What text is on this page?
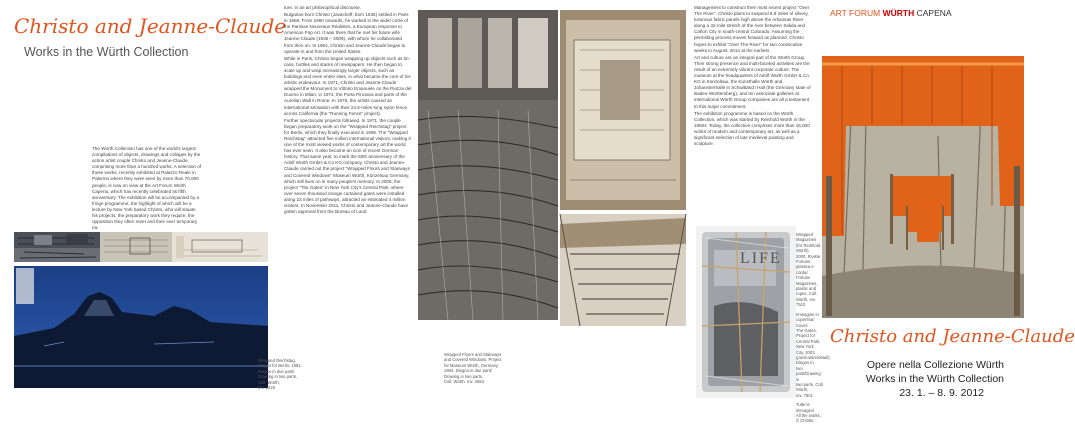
Christo and Jeanne-Claude
Works in the Würth Collection
The Würth Collection has one of the world's largest compilations of objects, drawings and collages by the action artist couple Christo and Jeanne-Claude, comprising more than a hundred works. A selection of these works, recently exhibited at Palazzo Reale in Palermo where they were seen by more than 70,000 people, is now on view at the Art Forum Würth Capena, which has recently celebrated its fifth anniversary. The exhibition will be accompanied by a fringe programme, the highlight of which will be a lecture by New York based Christo, who will situate his projects, the preparatory work they require, the opposition they often meet and their ever temporary na-

ture, in an art philosophical discourse.

Bulgarian-born Christo (Javacheff, born 1935) settled in Paris in 1958. From 1960 onwards, he worked in the wider circle of the Parisian Nouveaux Réalistes, a European response to American Pop Art. It was there that he met his future wife Jeanne-Claude (1935 – 2009), with whom he collaborated from then on. In 1964, Christo and Jeanne-Claude began to operate in and from the United States.

While in Paris, Christo began wrapping up objects such as tin-cans, bottles and stacks of newspapers. He then began to scale up and wrap increasingly larger objects, such as buildings and even entire sites, in what became the core of his artistic endeavour. In 1971, Christo and Jeanne-Claude wrapped the Monument to Vittorio Emanuele on the Piazza del Duomo in Milan; in 1974, the Porta Pinciana and parts of the Aurelian Wall in Rome. In 1976, the artists caused an international sensation with their 24.5-miles-long nylon fence across California (the "Running Fence" project).

Further spectacular projects followed. In 1971, the couple began preparatory work on the "Wrapped Reichstag" project for Berlin, which they finally executed in 1995. The "Wrapped Reichstag" attracted five million international visitors, making it one of the most viewed works of contemporary art the world has ever seen. It also became an icon of recent German history. That same year, to mark the 50th anniversary of the Adolf Würth GmbH & Co KG company, Christo and Jeanne-Claude carried out the project "Wrapped Floors and Stairways and Covered Windows" Museum Würth, Künzelsau Germany, which still lives on in many people's memory. In 2005, the project "The Gates" in New York City's Central Park, where over seven thousand orange curtained gates were installed along 23 miles of pathways, attracted an estimated 4 million visitors. In November 2011, Christo and Jeanne-Claude have gotten approval from the Bureau of Land

Wrapped Reichstag,
Project for Berlin, 1991.
Diegno in due parti/
Drawing in two parts,
Coll. Würth,
Inv. 2229
Wrapped Floors and Stairways
and Covered Windows, Project
for Museum Würth, Germany,
1994, Diegno in due parti/
Drawing in two parts,
Coll. Würth, Inv. 2594

Management to construct their most recent project "Over The River". Christo plans to suspend 5.9 miles of silvery, luminous fabric panels high above the Arkansas River along a 42-mile stretch of the river between Salida and Cañon City in south-central Colorado. Assuming the permitting process moves forward as planned, Christo hopes to exhibit "Over The River" for two consecutive weeks in August, 2014 at the earliest.

Art and culture are an integral part of the Würth Group. Their strong presence and multi-faceted activities are the result of an extremely vibrant corporate culture. The museum at the headquarters of Adolf Würth GmbH & Co. KG in Künzelsau, the Kunsthalle Würth and Johanniterhalle in Schwäbisch Hall (the Germany state of Baden-Württemberg), and ten associate galleries at international Würth Group companies are all a testament to this major commitment.

The exhibition programme is based on the Würth Collection, which was started by Reinhold Würth in the 1960s. Today, the collection comprises more than 15,000 works of modern and contemporary art, as well as a significant selection of late medieval painting and sculpture.

LIFE
Wrapped Magazines
(for Reinhold Würth),
2000, Riviste Fortune,
plastica e corda/
Fortune Magazines,
plastic and ropes, Coll.
Würth, Inv. 7510
Immagine in
copertina/ Cover:
The Gates, Project for
Central Park, New York
City, 2003, (particolare/detail), Diegno in
two parti/Drawing in
two parts, Coll. Würth,
Inv. 7501
Tutte le immagini/
All the works:
© Christo
ART FORUM WÜRTH CAPENA
Christo and Jeanne-Claude
Opere nella Collezione Würth
Works in the Würth Collection
23. 1. – 8. 9. 2012
